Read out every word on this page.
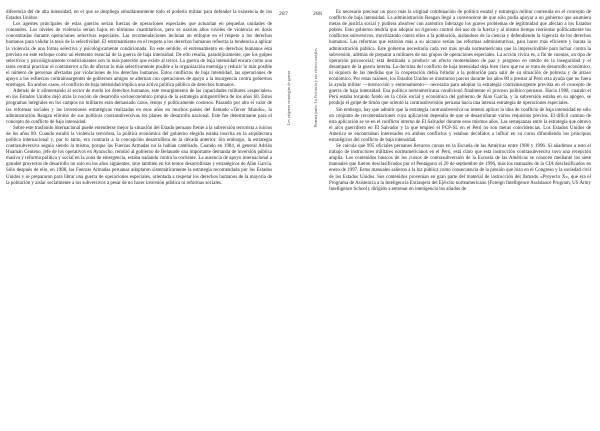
diferencia del de alta intensidad, en el que se despliega simultáneamente todo el poderío militar para defender la existencia de los Estados Unidos.

Los agentes principales de estas guerras serían fuerzas de operaciones especiales que actuarían en pequeñas unidades de comandos. Los niveles de violencia serían bajos en términos cuantitativos, pero se usarían altos niveles de violencia en dosis concentradas durante operaciones selectivas especiales. Las recomendaciones incluían un enfoque en el respeto a los derechos humanos para validar la tesis de la selectividad. El entrenamiento en el respeto a los derechos humanos refuerza la tendencia a aplicar la violencia de una forma selectiva y psicológicamente condicionada. En este sentido, el entrenamiento en derechos humanos está previsto en este enfoque como un elemento esencial de la guerra de baja intensidad. De ello resulta, paradójicamente, que los golpes selectivos y psicológicamente condicionantes son lo más parecido que existe al terror. La guerra de baja intensidad encara como una tarea central practicar el contraterror a fin de afectar lo más selectivamente posible a la organización enemiga y reducir lo más posible el número de personas afectadas por violaciones de los derechos humanos. Estos conflictos de baja intensidad, las operaciones de apoyo a los esfuerzos contrainsurgentes de gobiernos amigos se alternan con operaciones de apoyo a la insurgencia contra gobiernos enemigos. En ambos casos, el conflicto de baja intensidad implica una activa política pública de derechos humanos.

Además de ir alimentando al sector de modo los derechos humanos, este resurgimiento de las capacidades militares «especiales» en los Estados Unidos dejó atrás la noción de desarrollo socioeconómico propia de la estrategia antiguerrillera de los años 60. Estos programas integrales en los campos no militares eran demasiado caros, lentos y políticamente costosos. Pasando por alto el valor de las reformas sociales y las inversiones estratégicas realizadas en esos años en muchos países del llamado «Tercer Mundo», la administración Reagan eliminó de sus políticas contrasubversivas los planes de desarrollo nacional. Este fue determinante para el concepto de conflicto de baja intensidad.

Sobre este trasfondo internacional puede entenderse mejor la situación del Estado peruano frente a la subversión terrorista a inicios de los años 80. Cuando estalló la violencia terrorista, la política económica del gobierno elegido estaba inscrita en la arquitectura política internacional y, por lo tanto, era contraria a la concepción desarrollista de la década anterior. Sin embargo, la estrategia contrasubversiva seguía siendo la misma, porque las Fuerzas Armadas no la habían cambiado. Cuando en 1984, el general Adrián Huamán Centeno, jefe de los operativos en Ayacucho, remitió al gobierno de Belaunde una importante demanda de inversión pública masiva y reforma política y social en la zona de emergencia, estaba nadando contra la corriente. La ausencia de apoyo internacional a grandes proyectos de desarrollo no solo en los años siguientes, sino también en los tentos desarrollistas y estratégicos de Alan García. Sólo después de ello, en 1988, las Fuerzas Armadas peruanas adoptaron sistemáticamente la estrategia recomendada por los Estados Unidos y se prepararon para librar una guerra de operaciones especiales, orientada a respetar los derechos humanos de la mayoría de la población y aislar socialmente a los subversivos a pesar de no hacer inversión pública ni reformas sociales.

287
Los orígenes estrategias de guerra
288
Primera parte: La Violencia y sus efectos sociales

Es necesario precisar un poco más la original combinación de política estatal y estrategia militar contenida en el concepto de conflicto de baja intensidad. La administración Reagan llegó a convencerse de que sólo podía apoyar a un gobierno que asumiera metas de justicia social y pudiera absolver con auténtico liderazgo los graves problemas de legitimidad que afectan a los Estados pobres. Esto gobierno tendría que adoptar un riguroso control del uso de la fuerza y al mismo tiempo reorientar políticamente los conflictos subversivos, movilizando contra ellos a la población, aislándose de la ciencia y defendiendo la vigencia de los derechos humanos. Las reformas que estarían más a su alcance serían las reformas administrativas, para hacer más eficiente y barata la administración pública. Este gobierno necesitaría cada vez más ayuda norteamericana que la imprescindible para luchar contra la subversión, además de preparar a militares de sus grupos de operaciones especiales. La acción cívica es, a fin de cuentas, un tipo de operación psicosocial; está destinada a producir un efecto momentáneo de paz y progreso en medio de la inseguridad y el desamparo de la guerra interna. La doctrina del conflicto de baja intensidad deja bien claro que no se trata de desarrollo económico, ni siquiera de las medidas que la cooperación debía brindar a la población para salir de su situación de pobreza y de atraso económico. Por estas razones, los Estados Unidos se mostraron parcos durante los años 80 a prestar al Perú otra ayuda que no fuera la ayuda militar —instrucción y entrenamiento— necesaria para adoptar la estrategia contrainsurgente prevista en el concepto de guerra de baja intensidad. Esa política norteamericana condicionó finalmente el proceso político peruano. Hacia 1988, cuando el Perú estaba tocando fondo en la crisis social y económica del gobierno de Alan García, y la subversión estaba en su apogeo, se produjo el golpe de timón que orientó la contrasubversión peruana hacia una intensa estrategia de operaciones especiales.

Sin embargo, hay que admitir que la estrategia contrasubversiva no intentó aplicar la idea de conflicto de baja intensidad en sólo un conjunto de recomendaciones cuya aplicación dependía de que se desarrollaran varios requisitos previos. El difícil camino de esta aplicación se ve en el conflicto interno de El Salvador durante esos mismos años. Las semejanzas entre la estrategia que obtuvo el arco guerrillero en El Salvador y la que empleó el PCP-SL en el Perú no son meras coincidencias. Los Estados Unidos de América se encontraban interesados en ambos conflictos y estaban decididos a influir en su curso difundiendo los principios estratégicos del conflicto de baja intensidad.

Se calcula que 995 oficiales peruanos llevaron cursos en la Escuela de las Américas entre 1980 y 1996. Si añadimos a esto el trabajo de instructores militares norteamericanos en el Perú, está claro que esta instrucción contrasubversiva tuvo una recepción amplia. Los contenidos básicos de los cursos de contrasubversión de la Escuela de las Américas se conocen mediante los siete manuales que fueron desclasificados por el Pentágono el 20 de septiembre de 1996, más los manuales de la CIA desclasificados en enero de 1997. Estos manuales salieron a la luz pública como consecuencia de la presión que hizo en el Congreso y la sociedad civil de los Estados Unidos. Sus contenidos provenían en gran parte del material de instrucción del llamado «Proyecto X», que era el Programa de Asistencia a la Inteligencia Extranjera del Ejército norteamericano (Foreign Intelligence Assistance Program, US Army Intelligence School), dirigido a entrenar en inteligencia los aliados de
